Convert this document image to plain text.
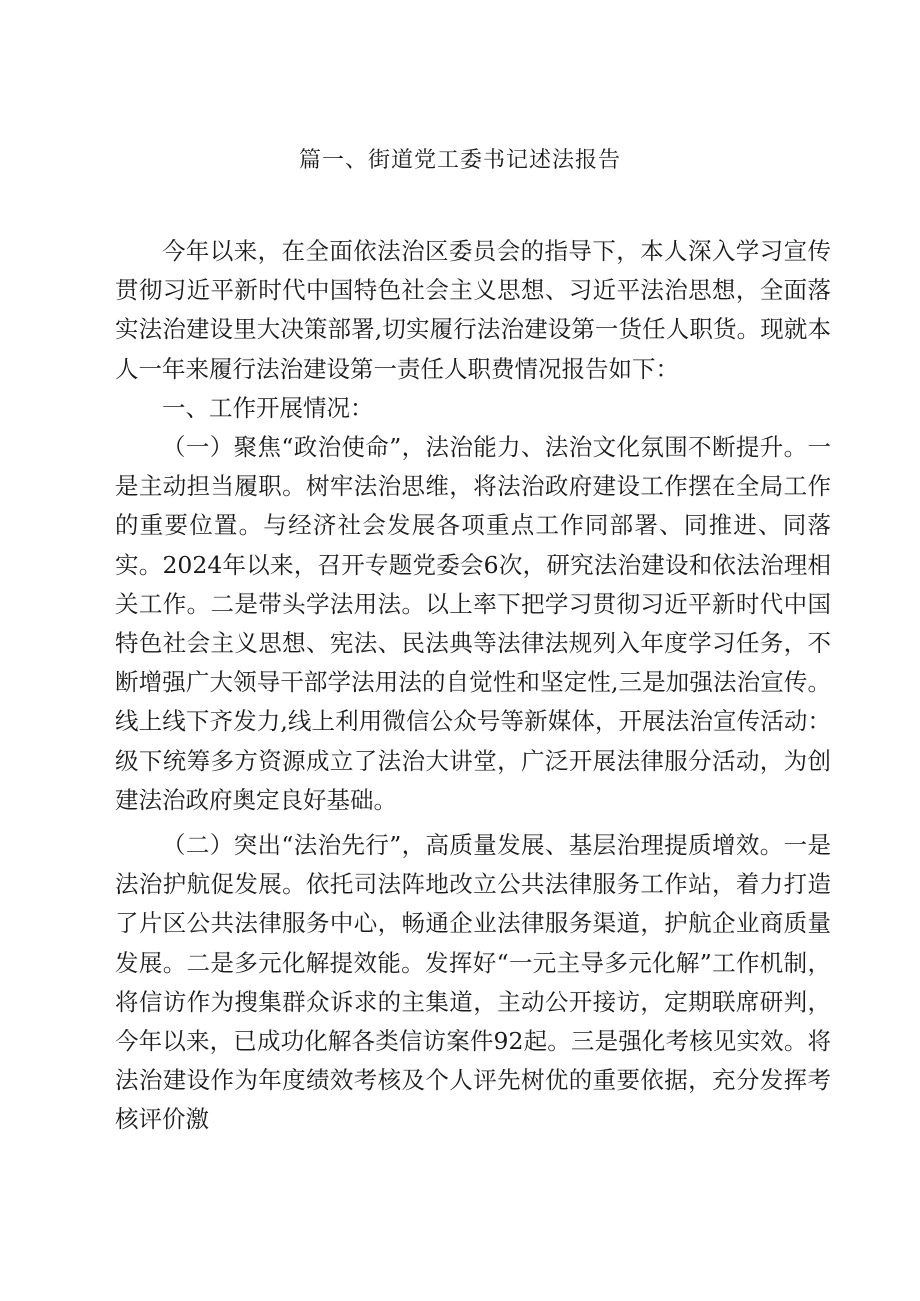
篇一、街道党工委书记述法报告

今年以来，在全面依法治区委员会的指导下，本人深入学习宣传贯彻习近平新时代中国特色社会主义思想、习近平法治思想，全面落实法治建设里大决策部署,切实履行法治建设第一货任人职货。现就本人一年来履行法治建设第一责任人职费情况报告如下：

一、工作开展情况：

（一）聚焦“政治使命”，法治能力、法治文化氛围不断提升。一是主动担当履职。树牢法治思维，将法治政府建设工作摆在全局工作的重要位置。与经济社会发展各项重点工作同部署、同推进、同落实。2024年以来，召开专题党委会6次，研究法治建设和依法治理相关工作。二是带头学法用法。以上率下把学习贯彻习近平新时代中国特色社会主义思想、宪法、民法典等法律法规列入年度学习任务，不断增强广大领导干部学法用法的自觉性和坚定性,三是加强法治宣传。线上线下齐发力,线上利用微信公众号等新媒体，开展法治宣传活动：级下统筹多方资源成立了法治大讲堂，广泛开展法律服分活动，为创建法治政府奥定良好基础。

（二）突出“法治先行”，高质量发展、基层治理提质增效。一是法治护航促发展。依托司法阵地改立公共法律服务工作站，着力打造了片区公共法律服务中心，畅通企业法律服务渠道，护航企业商质量发展。二是多元化解提效能。发挥好“一元主导多元化解”工作机制，将信访作为搜集群众诉求的主集道，主动公开接访，定期联席研判，今年以来，已成功化解各类信访案件92起。三是强化考核见实效。将法治建设作为年度绩效考核及个人评先树优的重要依据，充分发挥考核评价激
